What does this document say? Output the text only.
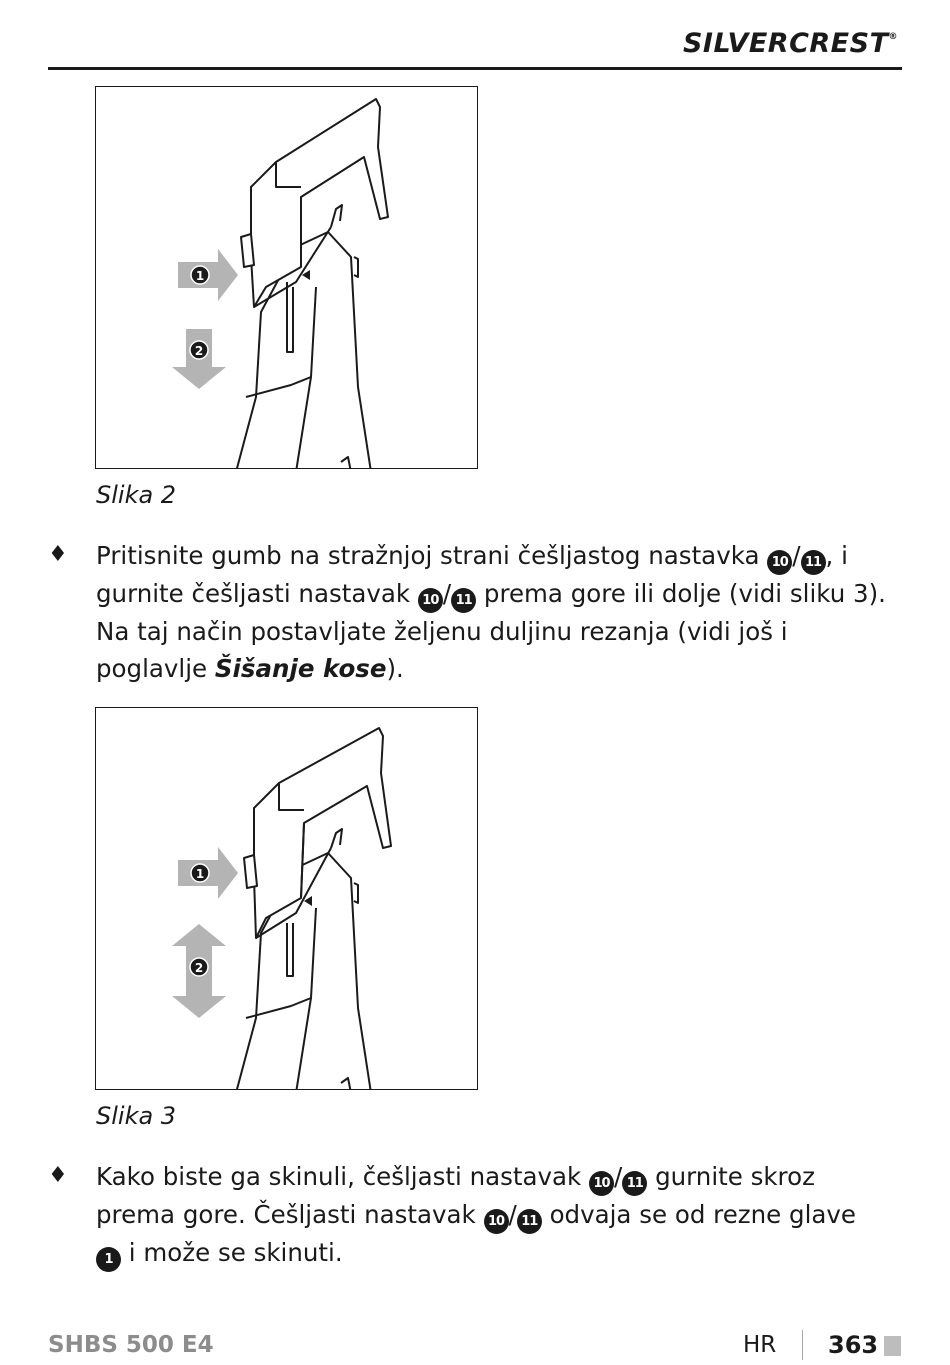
SILVERCREST®
1
2
Slika 2
♦ Pritisnite gumb na stražnjoj strani češljastog nastavka 10 / 11 , i gurnite češljasti nastavak 10 / 11 prema gore ili dolje (vidi sliku 3). Na taj način postavljate željenu duljinu rezanja (vidi još i poglavlje Šišanje kose).
1
2
Slika 3
♦ Kako biste ga skinuli, češljasti nastavak 10 / 11 gurnite skroz prema gore. Češljasti nastavak 10 / 11 odvaja se od rezne glave 1 i može se skinuti.
SHBS 500 E4	HR 363
